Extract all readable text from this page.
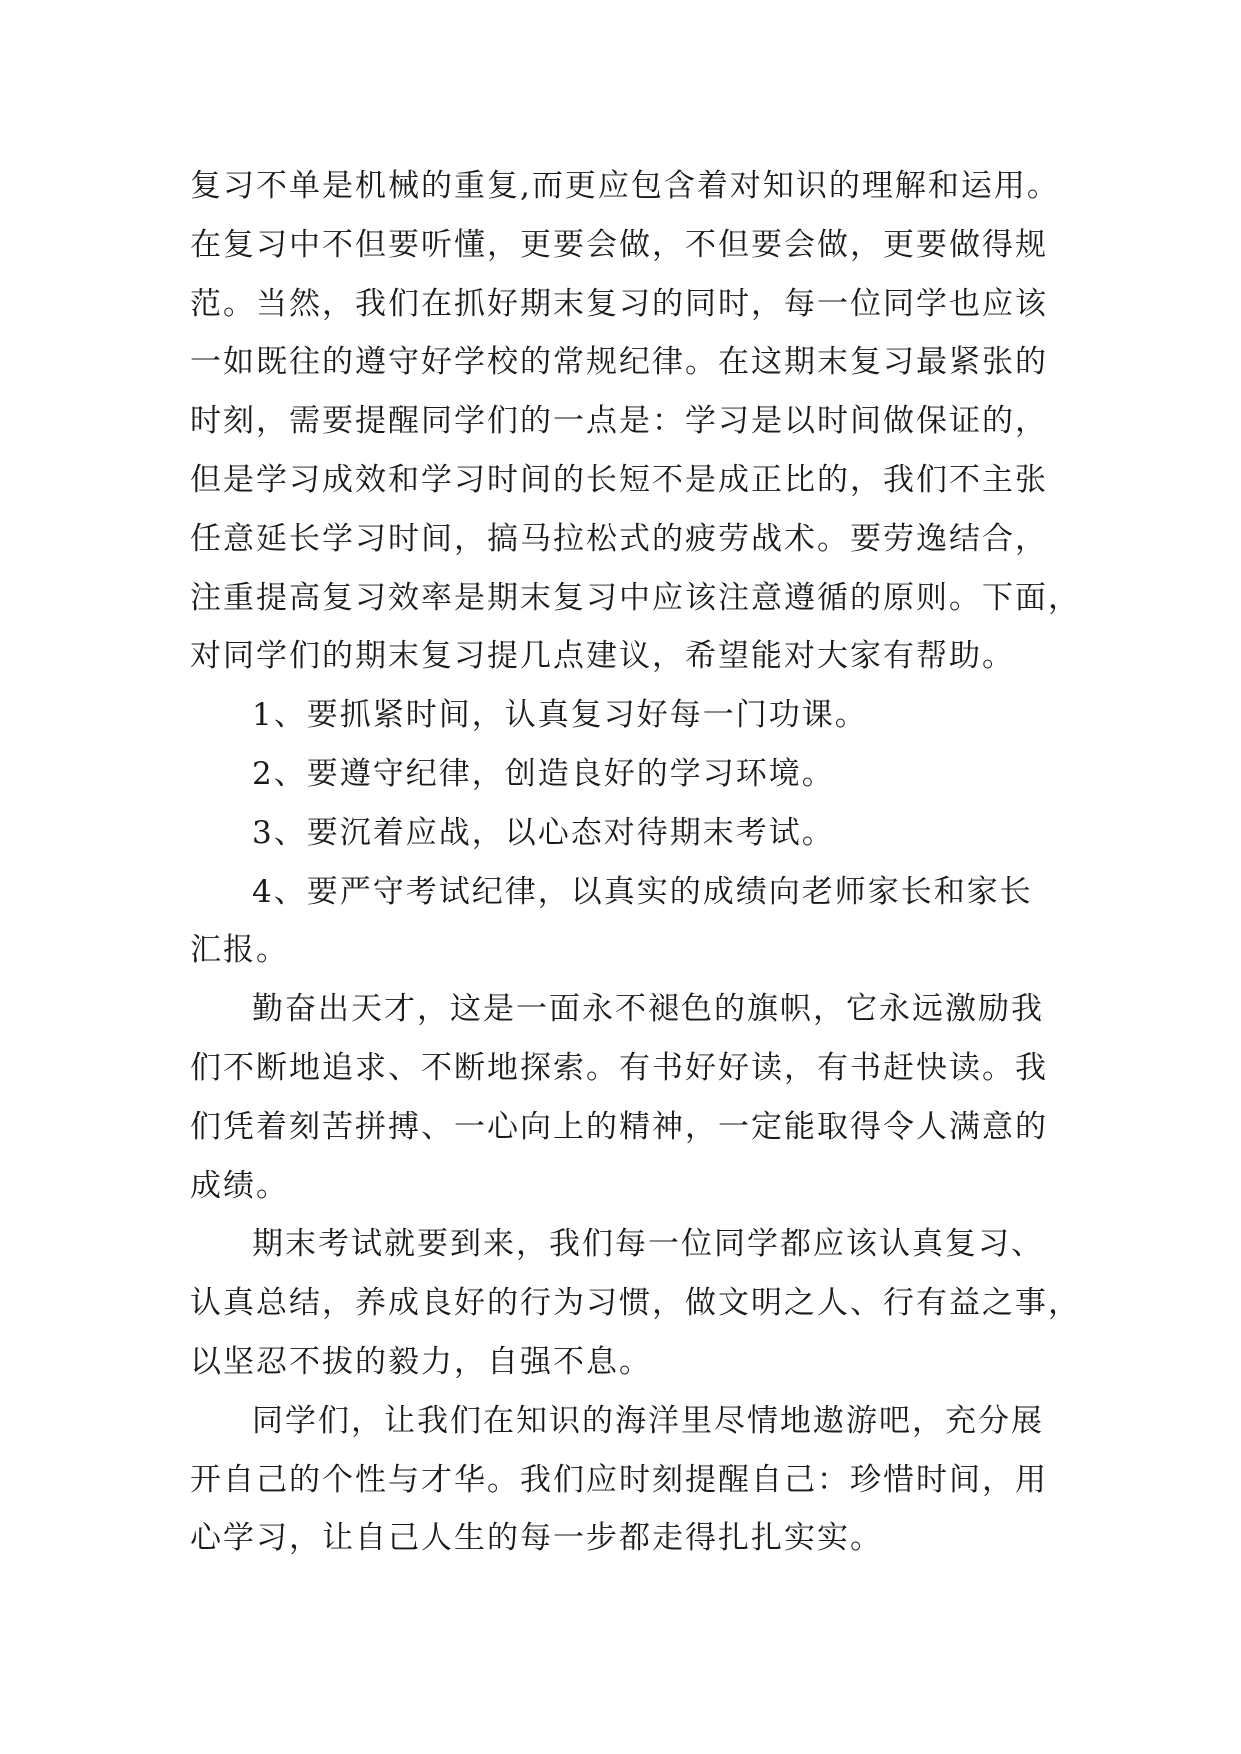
复习不单是机械的重复,而更应包含着对知识的理解和运用。
在复习中不但要听懂，更要会做，不但要会做，更要做得规
范。当然，我们在抓好期末复习的同时，每一位同学也应该
一如既往的遵守好学校的常规纪律。在这期末复习最紧张的
时刻，需要提醒同学们的一点是：学习是以时间做保证的，
但是学习成效和学习时间的长短不是成正比的，我们不主张
任意延长学习时间，搞马拉松式的疲劳战术。要劳逸结合，
注重提高复习效率是期末复习中应该注意遵循的原则。下面，
对同学们的期末复习提几点建议，希望能对大家有帮助。
1、要抓紧时间，认真复习好每一门功课。
2、要遵守纪律，创造良好的学习环境。
3、要沉着应战，以心态对待期末考试。
4、要严守考试纪律，以真实的成绩向老师家长和家长
汇报。
勤奋出天才，这是一面永不褪色的旗帜，它永远激励我
们不断地追求、不断地探索。有书好好读，有书赶快读。我
们凭着刻苦拼搏、一心向上的精神，一定能取得令人满意的
成绩。
期末考试就要到来，我们每一位同学都应该认真复习、
认真总结，养成良好的行为习惯，做文明之人、行有益之事，
以坚忍不拔的毅力，自强不息。
同学们，让我们在知识的海洋里尽情地遨游吧，充分展
开自己的个性与才华。我们应时刻提醒自己：珍惜时间，用
心学习，让自己人生的每一步都走得扎扎实实。
